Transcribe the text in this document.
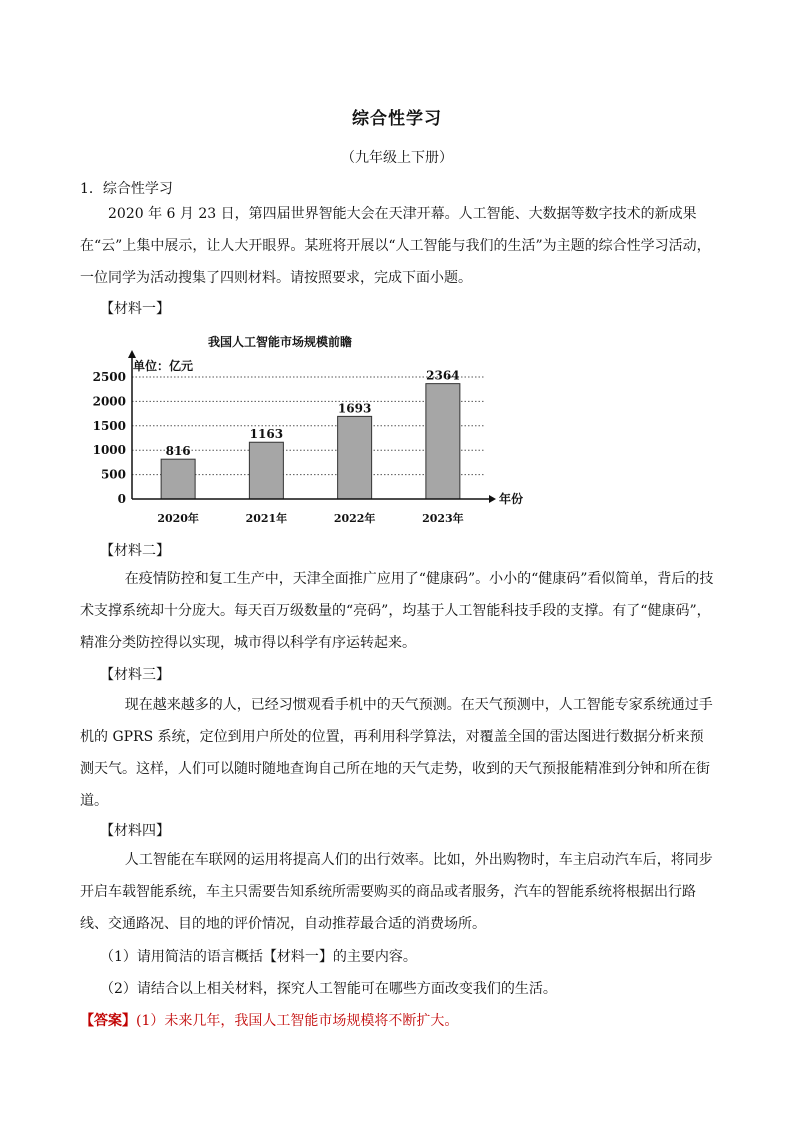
综合性学习
（九年级上下册）
1．综合性学习

2020 年 6 月 23 日，第四届世界智能大会在天津开幕。人工智能、大数据等数字技术的新成果在“云”上集中展示，让人大开眼界。某班将开展以“人工智能与我们的生活”为主题的综合性学习活动，一位同学为活动搜集了四则材料。请按照要求，完成下面小题。

【材料一】
我国人工智能市场规模前瞻
单位：亿元
年份
0
500
1000
1500
2000
2500
816
2020年
1163
2021年
1693
2022年
2364
2023年
【材料二】

在疫情防控和复工生产中，天津全面推广应用了“健康码”。小小的“健康码”看似简单，背后的技术支撑系统却十分庞大。每天百万级数量的“亮码”，均基于人工智能科技手段的支撑。有了“健康码”，精准分类防控得以实现，城市得以科学有序运转起来。

【材料三】

现在越来越多的人，已经习惯观看手机中的天气预测。在天气预测中，人工智能专家系统通过手机的 GPRS 系统，定位到用户所处的位置，再利用科学算法，对覆盖全国的雷达图进行数据分析来预测天气。这样，人们可以随时随地查询自己所在地的天气走势，收到的天气预报能精准到分钟和所在街道。

【材料四】

人工智能在车联网的运用将提高人们的出行效率。比如，外出购物时，车主启动汽车后，将同步开启车载智能系统，车主只需要告知系统所需要购买的商品或者服务，汽车的智能系统将根据出行路线、交通路况、目的地的评价情况，自动推荐最合适的消费场所。

（1）请用简洁的语言概括【材料一】的主要内容。
（2）请结合以上相关材料，探究人工智能可在哪些方面改变我们的生活。
【答案】(1）未来几年，我国人工智能市场规模将不断扩大。
